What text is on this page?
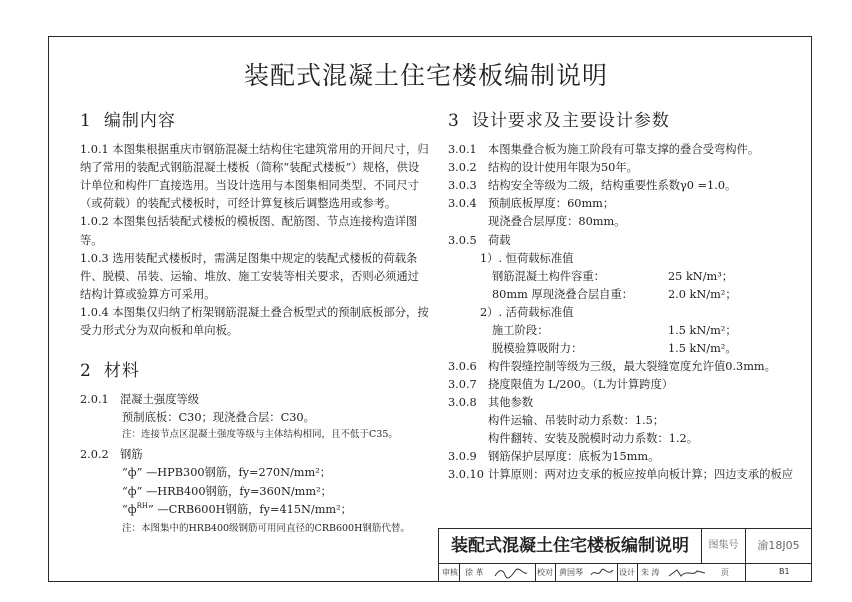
装配式混凝土住宅楼板编制说明
1 编制内容

1.0.1 本图集根据重庆市钢筋混凝土结构住宅建筑常用的开间尺寸，归纳了常用的装配式钢筋混凝土楼板（简称“装配式楼板”）规格，供设计单位和构件厂直接选用。当设计选用与本图集相同类型、不同尺寸（或荷载）的装配式楼板时，可经计算复核后调整选用或参考。

1.0.2 本图集包括装配式楼板的模板图、配筋图、节点连接构造详图等。

1.0.3 选用装配式楼板时，需满足图集中规定的装配式楼板的荷载条件、脱模、吊装、运输、堆放、施工安装等相关要求，否则必须通过结构计算或验算方可采用。

1.0.4 本图集仅归纳了桁架钢筋混凝土叠合板型式的预制底板部分，按受力形式分为双向板和单向板。

2 材料
2.0.1 混凝土强度等级
预制底板：C30；现浇叠合层：C30。
注：连接节点区混凝土强度等级与主体结构相同，且不低于C35。
2.0.2 钢筋
“ф” —HPB300钢筋，fy=270N/mm²；
“ф” —HRB400钢筋，fy=360N/mm²；
“$ф^{RH}$” —CRB600H钢筋，fy=415N/mm²；
注：本图集中的HRB400级钢筋可用同直径的CRB600H钢筋代替。
3 设计要求及主要设计参数
3.0.1 本图集叠合板为施工阶段有可靠支撑的叠合受弯构件。
3.0.2 结构的设计使用年限为50年。
3.0.3 结构安全等级为二级，结构重要性系数γ0 =1.0。
3.0.4 预制底板厚度：60mm；
现浇叠合层厚度：80mm。
3.0.5 荷载
1）. 恒荷载标准值
钢筋混凝土构件容重：	25 kN/m³；
80mm 厚现浇叠合层自重：	2.0 kN/m²；
2）. 活荷载标准值
施工阶段：	1.5 kN/m²；
脱模验算吸附力：	1.5 kN/m²。
3.0.6 构件裂缝控制等级为三级，最大裂缝宽度允许值0.3mm。
3.0.7 挠度限值为 L/200。（L为计算跨度）
3.0.8 其他参数
构件运输、吊装时动力系数：1.5；
构件翻转、安装及脱模时动力系数：1.2。
3.0.9 钢筋保护层厚度：底板为15mm。
3.0.10 计算原则：两对边支承的板应按单向板计算；四边支承的板应
装配式混凝土住宅楼板编制说明	图集号	渝18J05
审核 徐 革	校对 黄国琴	设计 朱 涛	页	B1
